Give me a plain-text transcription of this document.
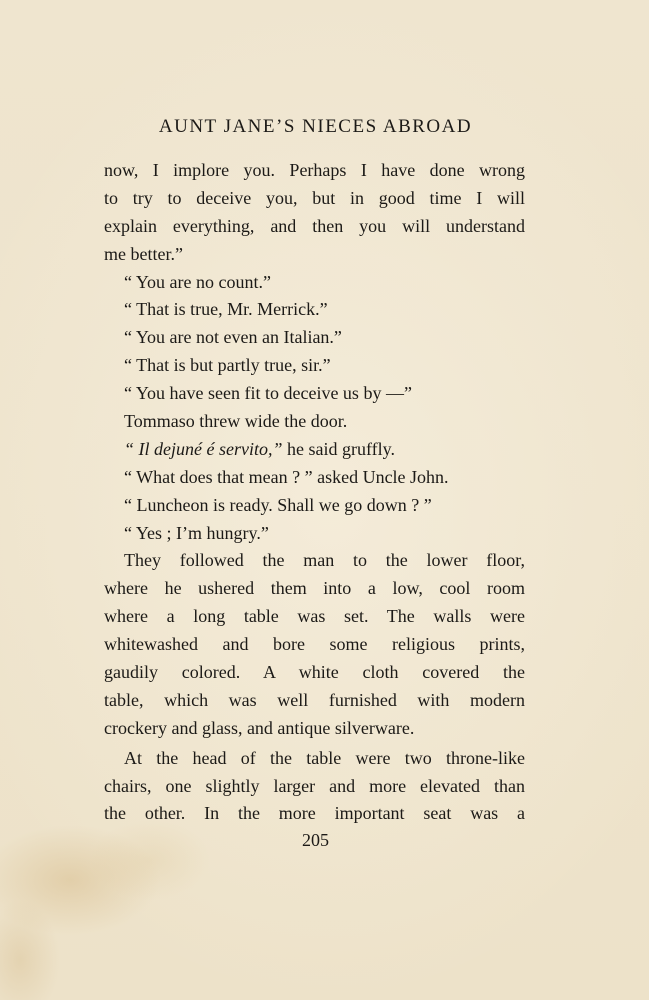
AUNT JANE’S NIECES ABROAD
now, I implore you. Perhaps I have done wrong
to try to deceive you, but in good time I will
explain everything, and then you will understand
me better.”
“ You are no count.”
“ That is true, Mr. Merrick.”
“ You are not even an Italian.”
“ That is but partly true, sir.”
“ You have seen fit to deceive us by —”
Tommaso threw wide the door.
“ Il dejuné é servito,” he said gruffly.
“ What does that mean ? ” asked Uncle John.
“ Luncheon is ready. Shall we go down ? ”
“ Yes ; I’m hungry.”
They followed the man to the lower floor,
where he ushered them into a low, cool room
where a long table was set. The walls were
whitewashed and bore some religious prints,
gaudily colored. A white cloth covered the
table, which was well furnished with modern
crockery and glass, and antique silverware.
At the head of the table were two throne-like
chairs, one slightly larger and more elevated than
the other. In the more important seat was a
205
